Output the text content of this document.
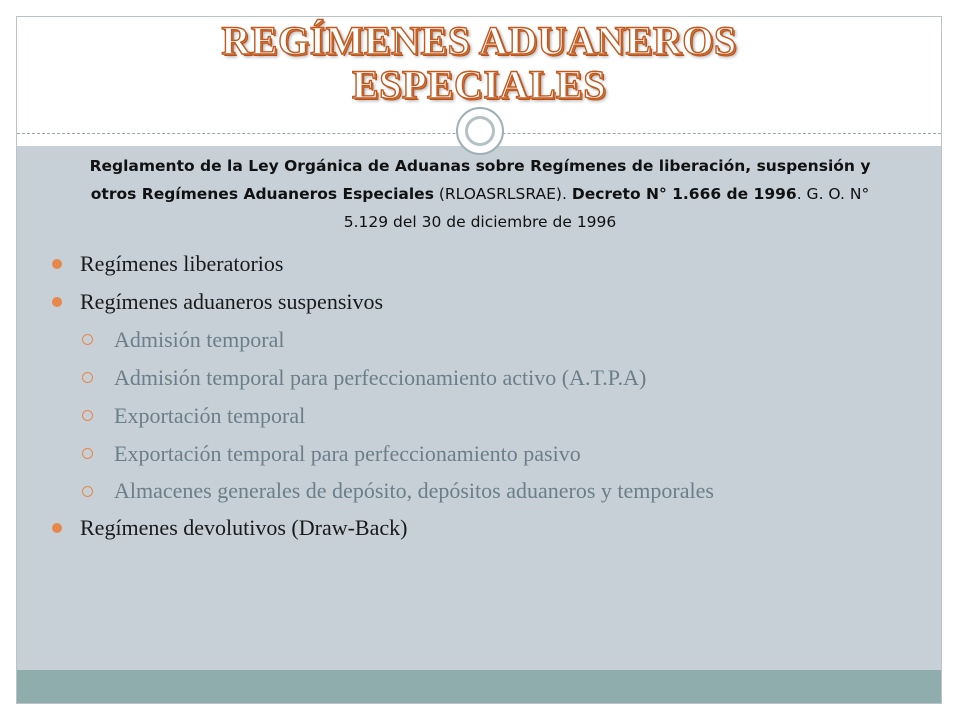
REGÍMENES ADUANEROS
ESPECIALES

Reglamento de la Ley Orgánica de Aduanas sobre Regímenes de liberación, suspensión y otros Regímenes Aduaneros Especiales (RLOASRLSRAE). Decreto N° 1.666 de 1996. G. O. N° 5.129 del 30 de diciembre de 1996

Regímenes liberatorios
Regímenes aduaneros suspensivos
Admisión temporal
Admisión temporal para perfeccionamiento activo (A.T.P.A)
Exportación temporal
Exportación temporal para perfeccionamiento pasivo
Almacenes generales de depósito, depósitos aduaneros y temporales
Regímenes devolutivos (Draw-Back)
